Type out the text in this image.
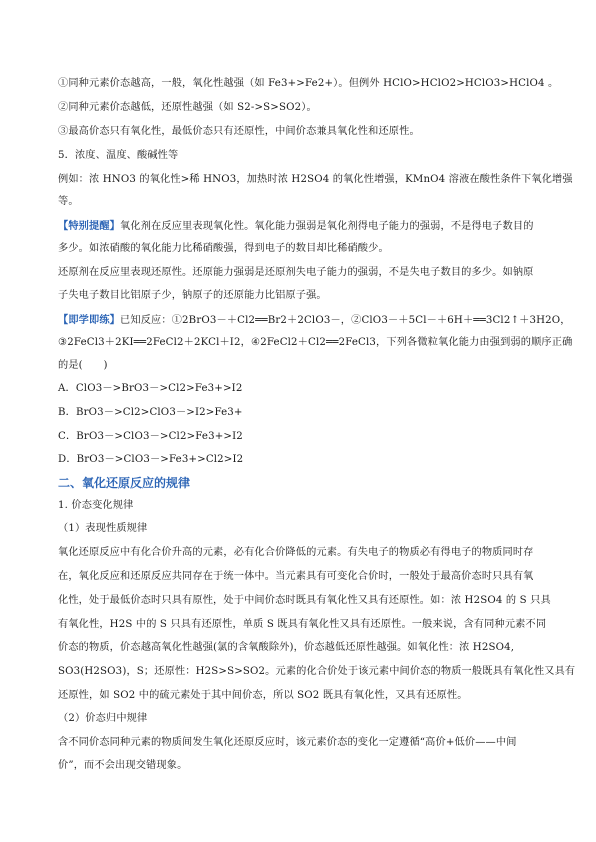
①同种元素价态越高，一般，氧化性越强（如 Fe3+>Fe2+）。但例外 HClO>HClO2>HClO3>HClO4 。
②同种元素价态越低，还原性越强（如 S2->S>SO2）。
③最高价态只有氧化性，最低价态只有还原性，中间价态兼具氧化性和还原性。
5．浓度、温度、酸碱性等
例如：浓 HNO3 的氧化性>稀 HNO3，加热时浓 H2SO4 的氧化性增强，KMnO4 溶液在酸性条件下氧化增强
等。
【特别提醒】氧化剂在反应里表现氧化性。氧化能力强弱是氧化剂得电子能力的强弱，不是得电子数目的
多少。如浓硝酸的氧化能力比稀硝酸强，得到电子的数目却比稀硝酸少。
还原剂在反应里表现还原性。还原能力强弱是还原剂失电子能力的强弱，不是失电子数目的多少。如钠原
子失电子数目比铝原子少，钠原子的还原能力比铝原子强。
【即学即练】已知反应：①2BrO3－＋Cl2══Br2＋2ClO3－，②ClO3－＋5Cl－＋6H＋══3Cl2↑＋3H2O，
③2FeCl3＋2KI══2FeCl2＋2KCl＋I2，④2FeCl2＋Cl2══2FeCl3，下列各微粒氧化能力由强到弱的顺序正确
的是(　　)
A．ClO3－>BrO3－>Cl2>Fe3+>I2
B．BrO3－>Cl2>ClO3－>I2>Fe3+
C．BrO3－>ClO3－>Cl2>Fe3+>I2
D．BrO3－>ClO3－>Fe3+>Cl2>I2
二、氧化还原反应的规律
1. 价态变化规律
（1）表现性质规律
氧化还原反应中有化合价升高的元素，必有化合价降低的元素。有失电子的物质必有得电子的物质同时存
在，氧化反应和还原反应共同存在于统一体中。当元素具有可变化合价时，一般处于最高价态时只具有氧
化性，处于最低价态时只具有原性，处于中间价态时既具有氧化性又具有还原性。如：浓 H2SO4 的 S 只具
有氧化性，H2S 中的 S 只具有还原性，单质 S 既具有氧化性又具有还原性。一般来说，含有同种元素不同
价态的物质，价态越高氧化性越强(氯的含氧酸除外)，价态越低还原性越强。如氧化性：浓 H2SO4,
SO3(H2SO3)，S；还原性：H2S>S>SO2。元素的化合价处于该元素中间价态的物质一般既具有氧化性又具有
还原性，如 SO2 中的硫元素处于其中间价态，所以 SO2 既具有氧化性，又具有还原性。
（2）价态归中规律
含不同价态同种元素的物质间发生氧化还原反应时，该元素价态的变化一定遵循“高价+低价——中间
价”，而不会出现交错现象。
